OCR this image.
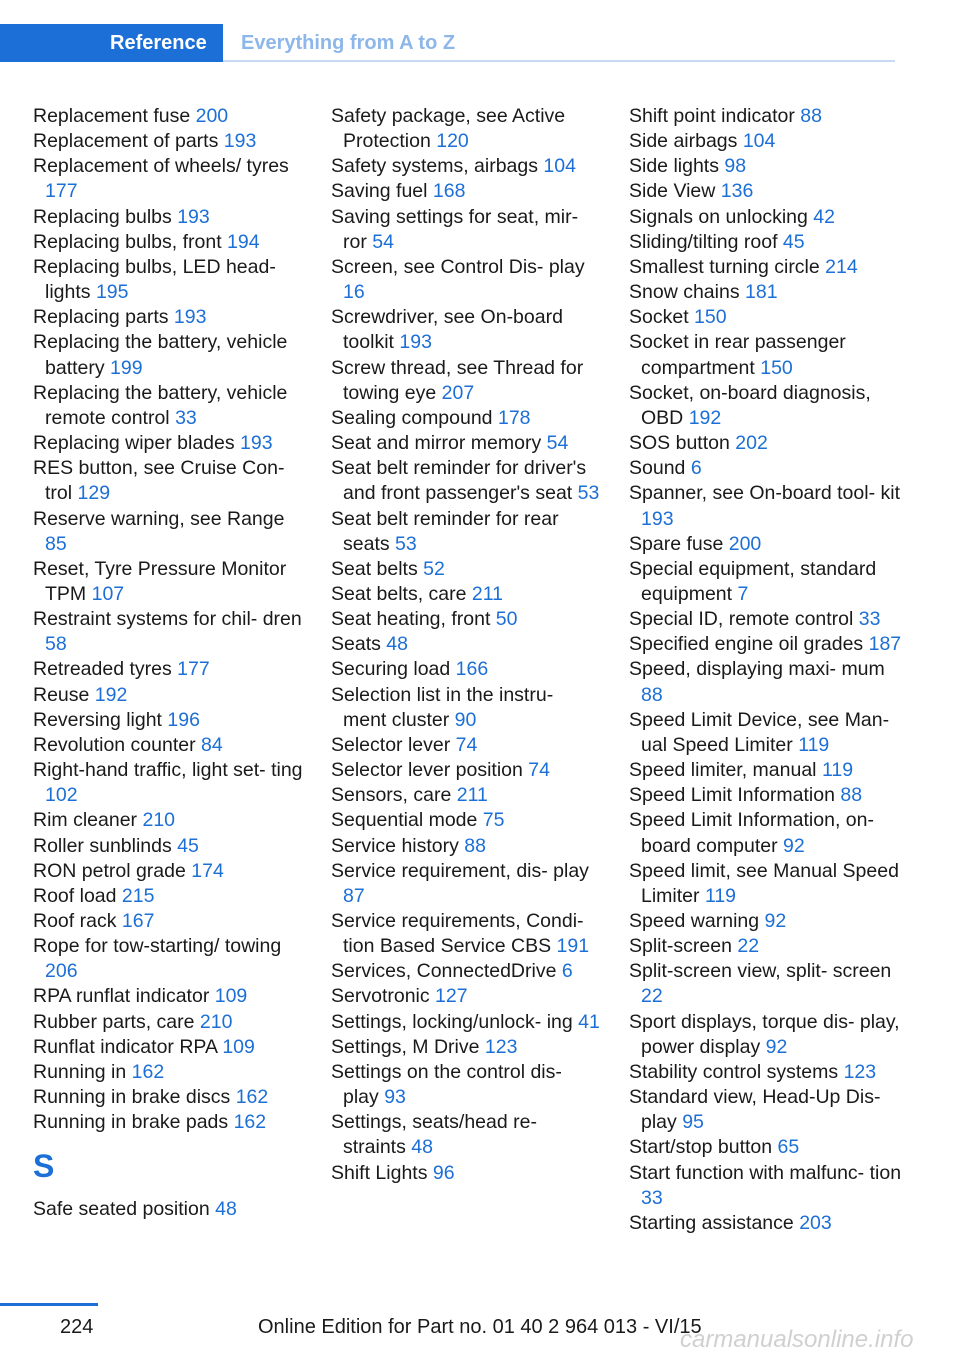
Reference	Everything from A to Z
Replacement fuse 200
Replacement of parts 193
Replacement of wheels/ tyres 177
Replacing bulbs 193
Replacing bulbs, front 194
Replacing bulbs, LED head- lights 195
Replacing parts 193
Replacing the battery, vehicle battery 199
Replacing the battery, vehicle remote control 33
Replacing wiper blades 193
RES button, see Cruise Con- trol 129
Reserve warning, see Range 85
Reset, Tyre Pressure Monitor TPM 107
Restraint systems for chil- dren 58
Retreaded tyres 177
Reuse 192
Reversing light 196
Revolution counter 84
Right-hand traffic, light set- ting 102
Rim cleaner 210
Roller sunblinds 45
RON petrol grade 174
Roof load 215
Roof rack 167
Rope for tow-starting/ towing 206
RPA runflat indicator 109
Rubber parts, care 210
Runflat indicator RPA 109
Running in 162
Running in brake discs 162
Running in brake pads 162
S
Safe seated position 48
Safety package, see Active Protection 120
Safety systems, airbags 104
Saving fuel 168
Saving settings for seat, mir- ror 54
Screen, see Control Dis- play 16
Screwdriver, see On-board toolkit 193
Screw thread, see Thread for towing eye 207
Sealing compound 178
Seat and mirror memory 54
Seat belt reminder for driver's and front passenger's seat 53
Seat belt reminder for rear seats 53
Seat belts 52
Seat belts, care 211
Seat heating, front 50
Seats 48
Securing load 166
Selection list in the instru- ment cluster 90
Selector lever 74
Selector lever position 74
Sensors, care 211
Sequential mode 75
Service history 88
Service requirement, dis- play 87
Service requirements, Condi- tion Based Service CBS 191
Services, ConnectedDrive 6
Servotronic 127
Settings, locking/unlock- ing 41
Settings, M Drive 123
Settings on the control dis- play 93
Settings, seats/head re- straints 48
Shift Lights 96
Shift point indicator 88
Side airbags 104
Side lights 98
Side View 136
Signals on unlocking 42
Sliding/tilting roof 45
Smallest turning circle 214
Snow chains 181
Socket 150
Socket in rear passenger compartment 150
Socket, on-board diagnosis, OBD 192
SOS button 202
Sound 6
Spanner, see On-board tool- kit 193
Spare fuse 200
Special equipment, standard equipment 7
Special ID, remote control 33
Specified engine oil grades 187
Speed, displaying maxi- mum 88
Speed Limit Device, see Man- ual Speed Limiter 119
Speed limiter, manual 119
Speed Limit Information 88
Speed Limit Information, on- board computer 92
Speed limit, see Manual Speed Limiter 119
Speed warning 92
Split-screen 22
Split-screen view, split- screen 22
Sport displays, torque dis- play, power display 92
Stability control systems 123
Standard view, Head-Up Dis- play 95
Start/stop button 65
Start function with malfunc- tion 33
Starting assistance 203
224	Online Edition for Part no. 01 40 2 964 013 - VI/15
carmanualsonline.info
